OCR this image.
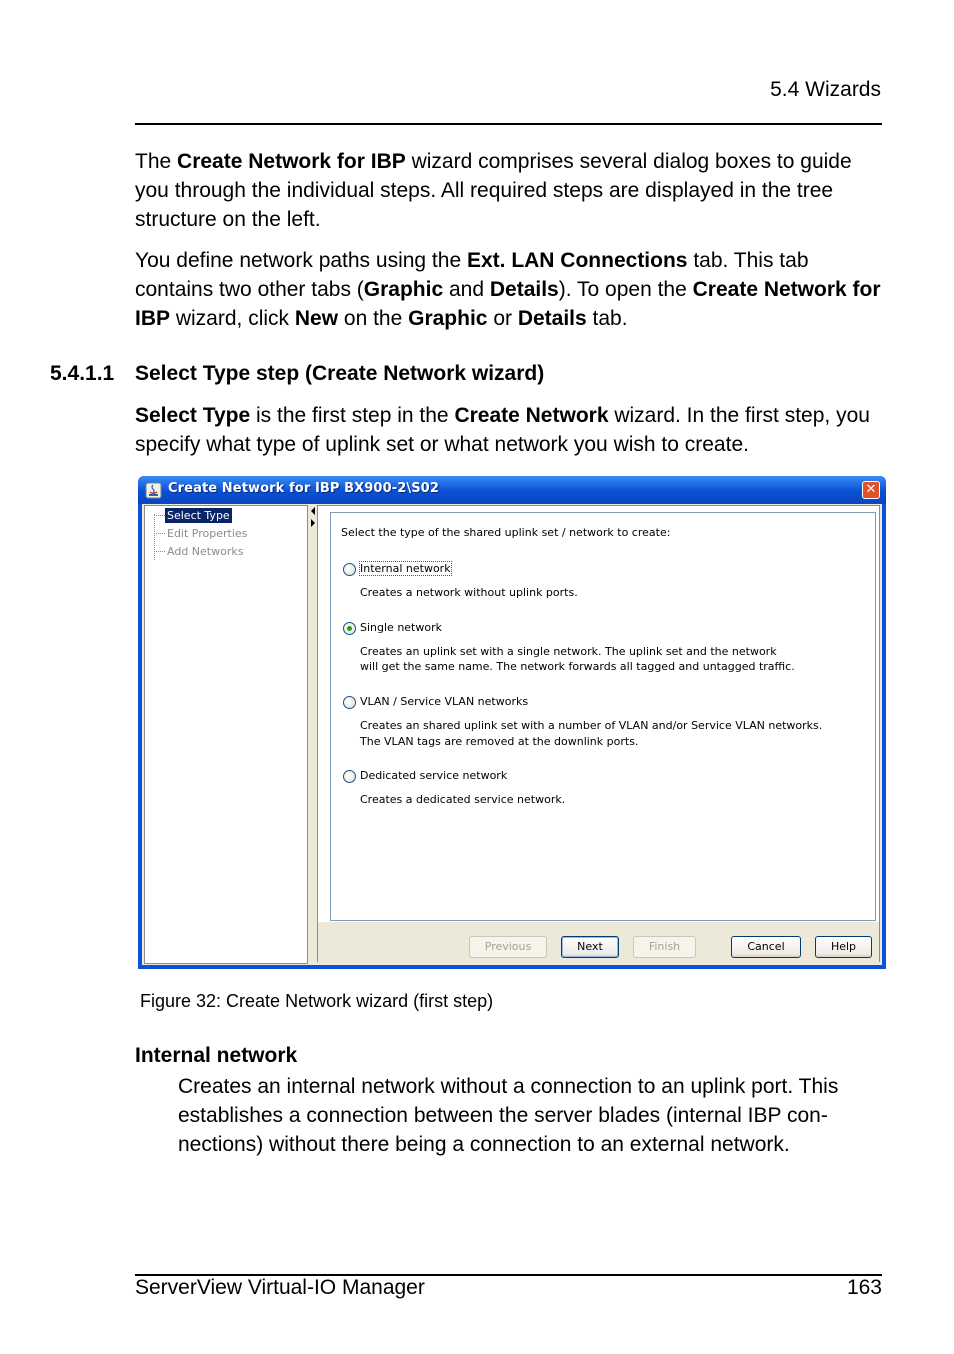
5.4 Wizards

The Create Network for IBP wizard comprises several dialog boxes to guide you through the individual steps. All required steps are displayed in the tree structure on the left.

You define network paths using the Ext. LAN Connections tab. This tab contains two other tabs (Graphic and Details). To open the Create Network for IBP wizard, click New on the Graphic or Details tab.

5.4.1.1 Select Type step (Create Network wizard)

Select Type is the first step in the Create Network wizard. In the first step, you specify what type of uplink set or what network you wish to create.

Create Network for IBP BX900-2\S02	✕
Select Type
Edit Properties
Add Networks
Select the type of the shared uplink set / network to create:
Internal network
Creates a network without uplink ports.
Single network
Creates an uplink set with a single network. The uplink set and the network
will get the same name. The network forwards all tagged and untagged traffic.
VLAN / Service VLAN networks
Creates an shared uplink set with a number of VLAN and/or Service VLAN networks.
The VLAN tags are removed at the downlink ports.
Dedicated service network
Creates a dedicated service network.
Previous	Next	Finish	Cancel	Help
Figure 32: Create Network wizard (first step)
Internal network

Creates an internal network without a connection to an uplink port. This establishes a connection between the server blades (internal IBP con-nections) without there being a connection to an external network.

ServerView Virtual-IO Manager	163
